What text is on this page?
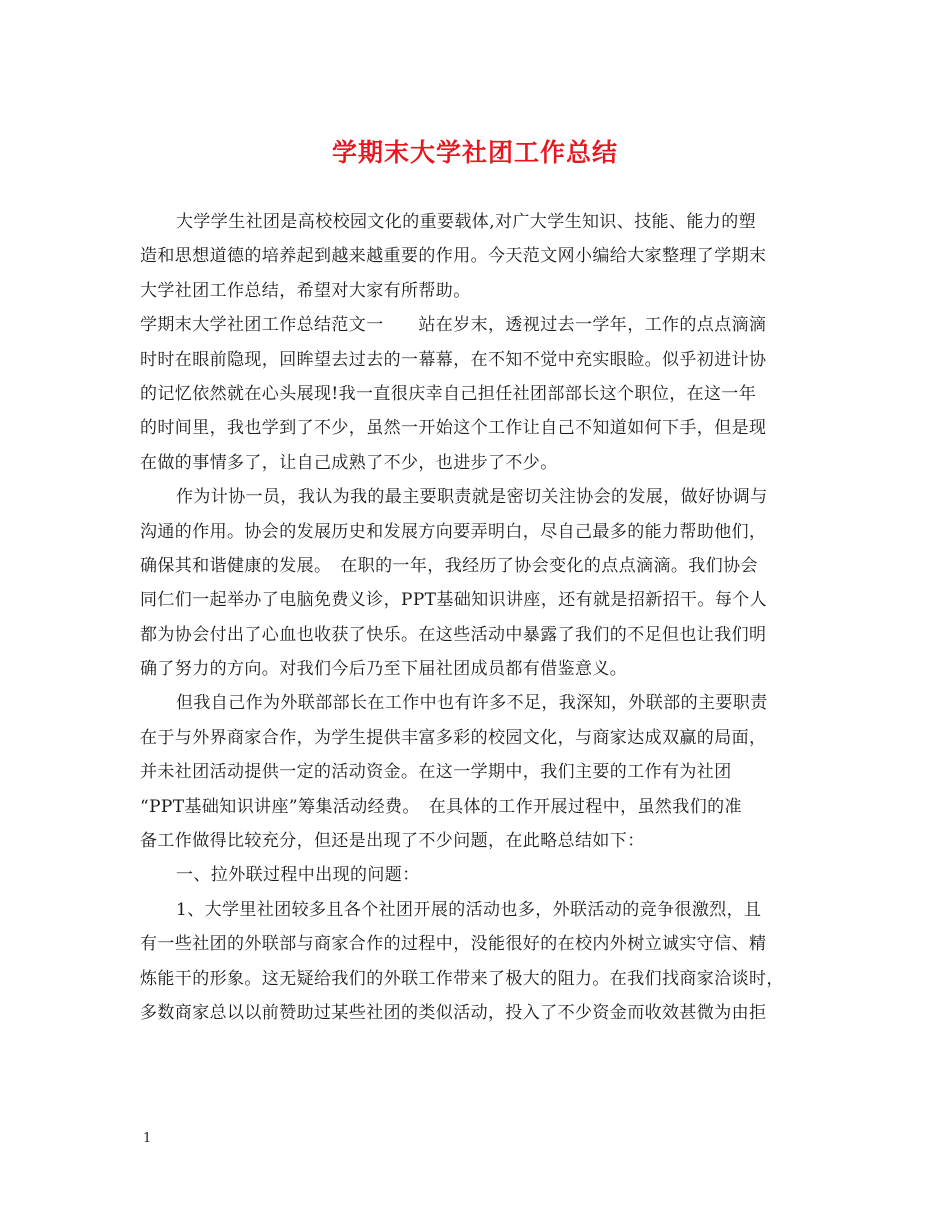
学期末大学社团工作总结
大学学生社团是高校校园文化的重要载体,对广大学生知识、技能、能力的塑
造和思想道德的培养起到越来越重要的作用。今天范文网小编给大家整理了学期末
大学社团工作总结，希望对大家有所帮助。
学期末大学社团工作总结范文一　　站在岁末，透视过去一学年，工作的点点滴滴
时时在眼前隐现，回眸望去过去的一幕幕，在不知不觉中充实眼睑。似乎初进计协
的记忆依然就在心头展现!我一直很庆幸自己担任社团部部长这个职位，在这一年
的时间里，我也学到了不少，虽然一开始这个工作让自己不知道如何下手，但是现
在做的事情多了，让自己成熟了不少，也进步了不少。
作为计协一员，我认为我的最主要职责就是密切关注协会的发展，做好协调与
沟通的作用。协会的发展历史和发展方向要弄明白，尽自己最多的能力帮助他们，
确保其和谐健康的发展。　在职的一年，我经历了协会变化的点点滴滴。我们协会
同仁们一起举办了电脑免费义诊，PPT基础知识讲座，还有就是招新招干。每个人
都为协会付出了心血也收获了快乐。在这些活动中暴露了我们的不足但也让我们明
确了努力的方向。对我们今后乃至下届社团成员都有借鉴意义。
但我自己作为外联部部长在工作中也有许多不足，我深知，外联部的主要职责
在于与外界商家合作，为学生提供丰富多彩的校园文化，与商家达成双赢的局面，
并未社团活动提供一定的活动资金。在这一学期中，我们主要的工作有为社团
“PPT基础知识讲座”筹集活动经费。　在具体的工作开展过程中，虽然我们的准
备工作做得比较充分，但还是出现了不少问题，在此略总结如下：
一、拉外联过程中出现的问题：
1、大学里社团较多且各个社团开展的活动也多，外联活动的竞争很激烈，且
有一些社团的外联部与商家合作的过程中，没能很好的在校内外树立诚实守信、精
炼能干的形象。这无疑给我们的外联工作带来了极大的阻力。在我们找商家洽谈时，
多数商家总以以前赞助过某些社团的类似活动，投入了不少资金而收效甚微为由拒
1
